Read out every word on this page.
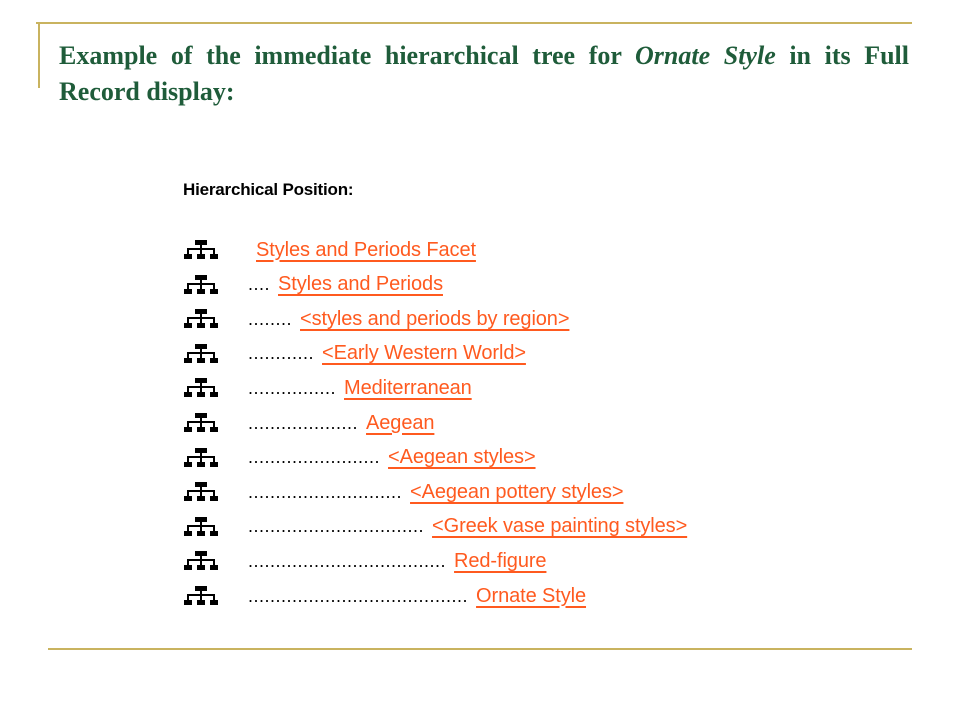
Example of the immediate hierarchical tree for Ornate Style in its Full Record display:
Hierarchical Position:
Styles and Periods Facet
.... Styles and Periods
........ <styles and periods by region>
............ <Early Western World>
................ Mediterranean
.................... Aegean
........................ <Aegean styles>
............................ <Aegean pottery styles>
................................ <Greek vase painting styles>
.................................... Red-figure
........................................ Ornate Style
